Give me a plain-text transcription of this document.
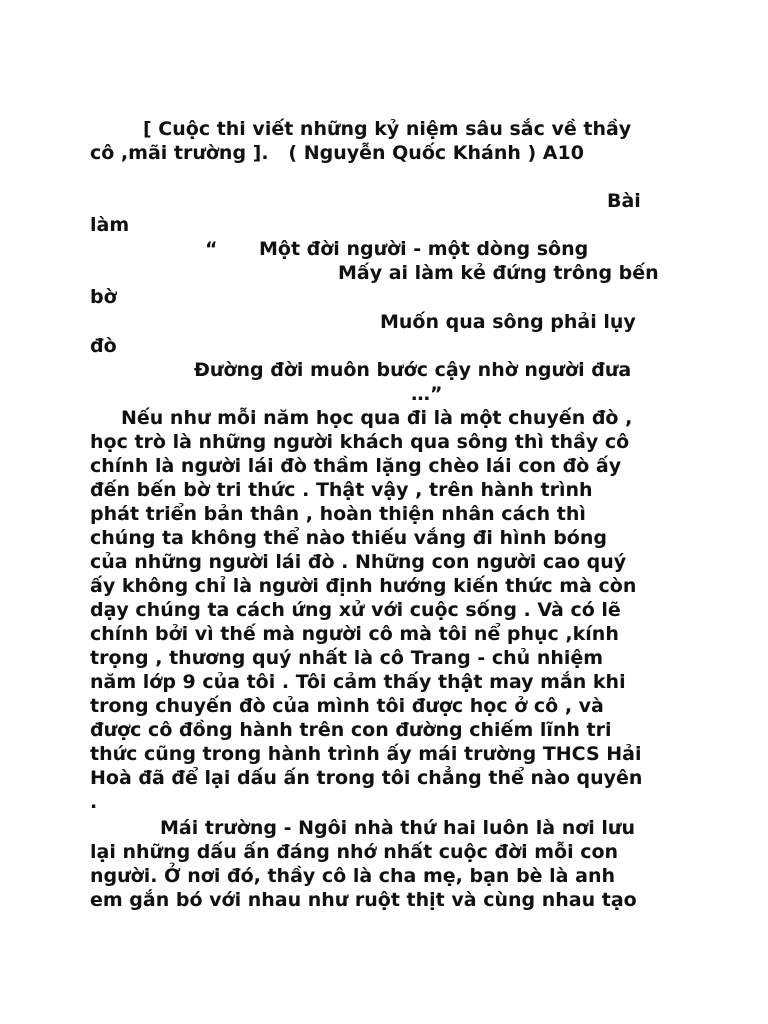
[ Cuộc thi viết những kỷ niệm sâu sắc về thầy
cô ,mãi trường ].   ( Nguyễn Quốc Khánh ) A10
Bài
làm
“ Một đời người - một dòng sông
Mấy ai làm kẻ đứng trông bến
bờ
Muốn qua sông phải lụy
đò
Đường đời muôn bước cậy nhờ người đưa
…”
Nếu như mỗi năm học qua đi là một chuyến đò ,
học trò là những người khách qua sông thì thầy cô
chính là người lái đò thầm lặng chèo lái con đò ấy
đến bến bờ tri thức . Thật vậy , trên hành trình
phát triển bản thân , hoàn thiện nhân cách thì
chúng ta không thể nào thiếu vắng đi hình bóng
của những người lái đò . Những con người cao quý
ấy không chỉ là người định hướng kiến thức mà còn
dạy chúng ta cách ứng xử với cuộc sống . Và có lẽ
chính bởi vì thế mà người cô mà tôi nể phục ,kính
trọng , thương quý nhất là cô Trang - chủ nhiệm
năm lớp 9 của tôi . Tôi cảm thấy thật may mắn khi
trong chuyến đò của mình tôi được học ở cô , và
được cô đồng hành trên con đường chiếm lĩnh tri
thức cũng trong hành trình ấy mái trường THCS Hải
Hoà đã để lại dấu ấn trong tôi chẳng thể nào quyên
.
Mái trường - Ngôi nhà thứ hai luôn là nơi lưu
lại những dấu ấn đáng nhớ nhất cuộc đời mỗi con
người. Ở nơi đó, thầy cô là cha mẹ, bạn bè là anh
em gắn bó với nhau như ruột thịt và cùng nhau tạo
